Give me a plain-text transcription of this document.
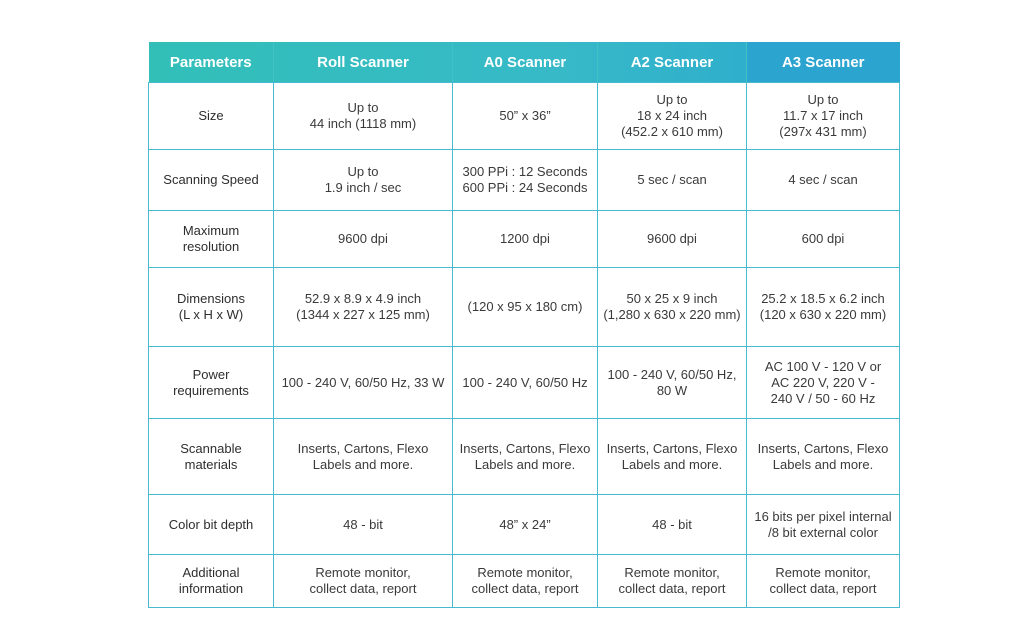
Parameters	Roll Scanner	A0 Scanner	A2 Scanner	A3 Scanner

Size	Up to
44 inch (1118 mm)	50” x 36”	Up to
18 x 24 inch
(452.2 x 610 mm)	Up to
11.7 x 17 inch
(297x 431 mm)

Scanning Speed	Up to
1.9 inch / sec	300 PPi : 12 Seconds
600 PPi : 24 Seconds	5 sec / scan	4 sec / scan

Maximum
resolution	9600 dpi	1200 dpi	9600 dpi	600 dpi

Dimensions
(L x H x W)	52.9 x 8.9 x 4.9 inch
(1344 x 227 x 125 mm)	(120 x 95 x 180 cm)	50 x 25 x 9 inch
(1,280 x 630 x 220 mm)	25.2 x 18.5 x 6.2 inch
(120 x 630 x 220 mm)

Power
requirements	100 - 240 V, 60/50 Hz, 33 W	100 - 240 V, 60/50 Hz	100 - 240 V, 60/50 Hz,
80 W	AC 100 V - 120 V or
AC 220 V, 220 V -
240 V / 50 - 60 Hz

Scannable
materials	Inserts, Cartons, Flexo
Labels and more.	Inserts, Cartons, Flexo
Labels and more.	Inserts, Cartons, Flexo
Labels and more.	Inserts, Cartons, Flexo
Labels and more.

Color bit depth	48 - bit	48” x 24”	48 - bit	16 bits per pixel internal
/8 bit external color

Additional
information	Remote monitor,
collect data, report	Remote monitor,
collect data, report	Remote monitor,
collect data, report	Remote monitor,
collect data, report
